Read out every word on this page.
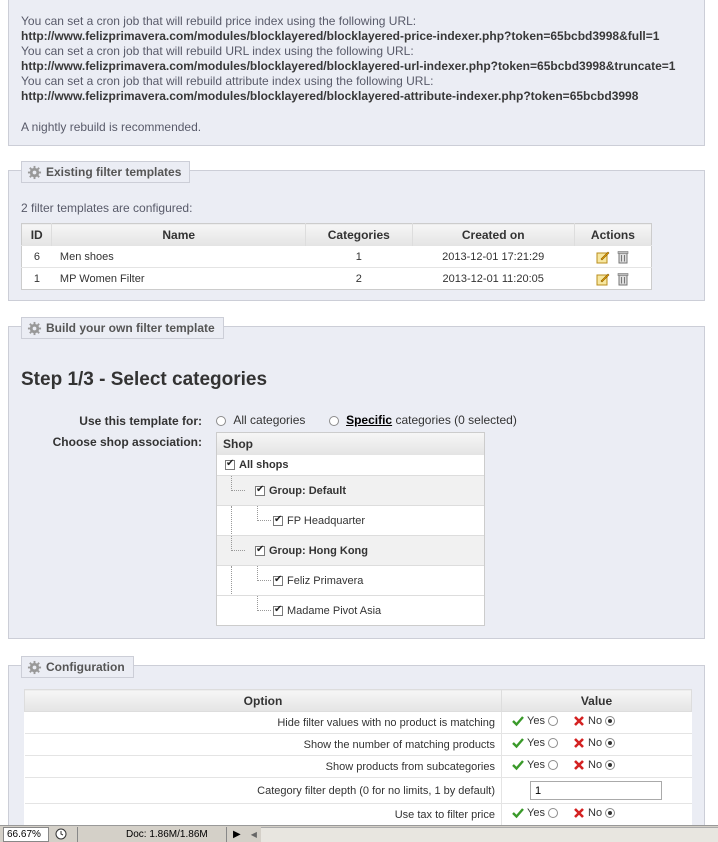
You can set a cron job that will rebuild price index using the following URL:
http://www.felizprimavera.com/modules/blocklayered/blocklayered-price-indexer.php?token=65bcbd3998&full=1
You can set a cron job that will rebuild URL index using the following URL:
http://www.felizprimavera.com/modules/blocklayered/blocklayered-url-indexer.php?token=65bcbd3998&truncate=1
You can set a cron job that will rebuild attribute index using the following URL:
http://www.felizprimavera.com/modules/blocklayered/blocklayered-attribute-indexer.php?token=65bcbd3998
A nightly rebuild is recommended.
Existing filter templates
2 filter templates are configured:
ID	Name	Categories	Created on	Actions
6	Men shoes	1	2013-12-01 17:21:29	

1	MP Women Filter	2	2013-12-01 11:20:05	
Build your own filter template
Step 1/3 - Select categories
Use this template for:	All categories	Specific categories (0 selected)
Choose shop association:	Shop
✔
All shops
✔
Group: Default
✔
FP Headquarter
✔
Group: Hong Kong
✔
Feliz Primavera
✔
Madame Pivot Asia
Configuration
Option	Value
Hide filter values with no product is matching	Yes
No

Show the number of matching products	Yes
No

Show products from subcategories	Yes
No

Category filter depth (0 for no limits, 1 by default)	1
Use tax to filter price	Yes
No
66.67%	Doc: 1.86M/1.86M	▶ ◀
